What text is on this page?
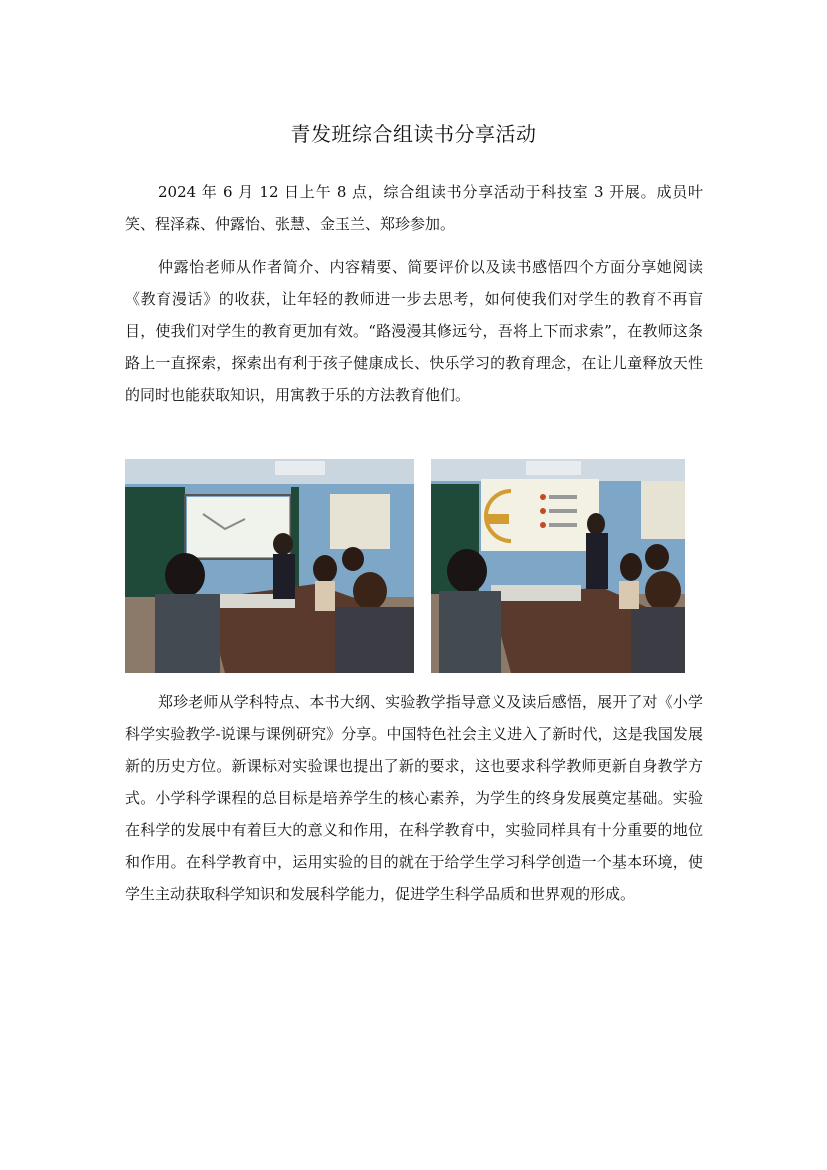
青发班综合组读书分享活动

2024 年 6 月 12 日上午 8 点，综合组读书分享活动于科技室 3 开展。成员叶笑、程泽森、仲露怡、张慧、金玉兰、郑珍参加。

仲露怡老师从作者简介、内容精要、简要评价以及读书感悟四个方面分享她阅读《教育漫话》的收获，让年轻的教师进一步去思考，如何使我们对学生的教育不再盲目，使我们对学生的教育更加有效。“路漫漫其修远兮，吾将上下而求索”，在教师这条路上一直探索，探索出有利于孩子健康成长、快乐学习的教育理念，在让儿童释放天性的同时也能获取知识，用寓教于乐的方法教育他们。

郑珍老师从学科特点、本书大纲、实验教学指导意义及读后感悟，展开了对《小学科学实验教学-说课与课例研究》分享。中国特色社会主义进入了新时代，这是我国发展新的历史方位。新课标对实验课也提出了新的要求，这也要求科学教师更新自身教学方式。小学科学课程的总目标是培养学生的核心素养，为学生的终身发展奠定基础。实验在科学的发展中有着巨大的意义和作用，在科学教育中，实验同样具有十分重要的地位和作用。在科学教育中，运用实验的目的就在于给学生学习科学创造一个基本环境，使学生主动获取科学知识和发展科学能力，促进学生科学品质和世界观的形成。
